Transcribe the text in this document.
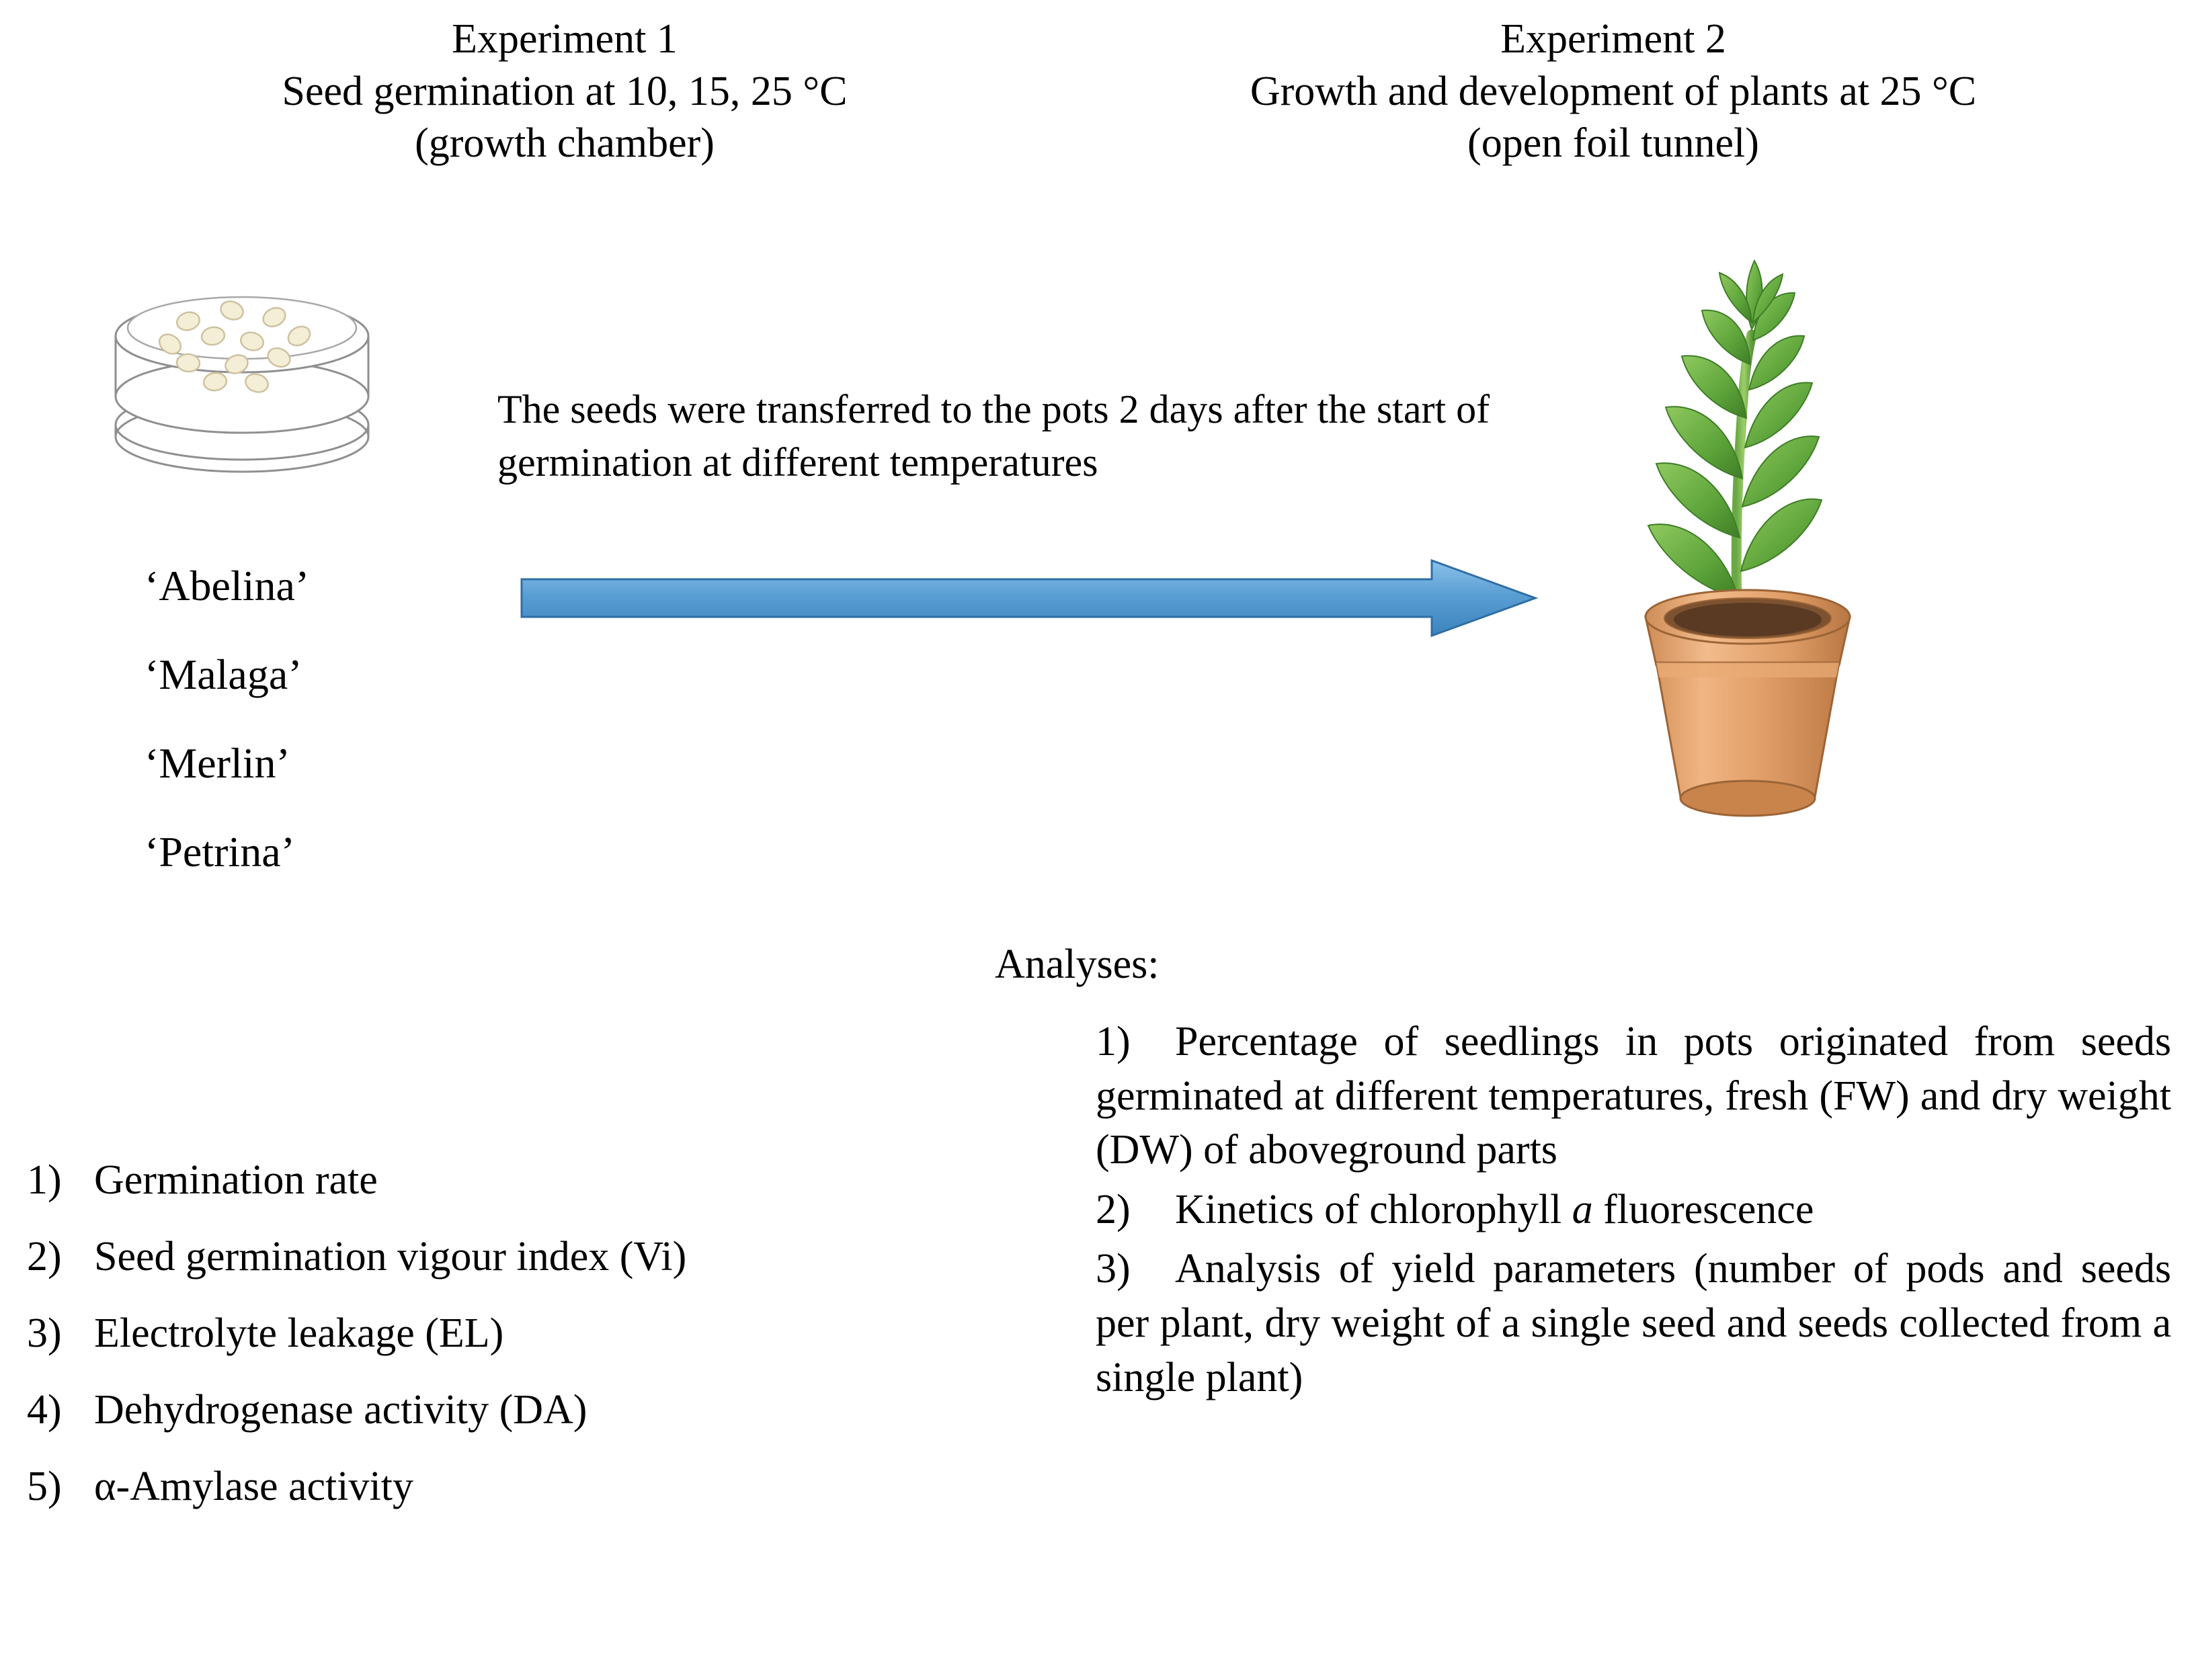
Experiment 1
Seed germination at 10, 15, 25 °C
(growth chamber)
Experiment 2
Growth and development of plants at 25 °C
(open foil tunnel)
The seeds were transferred to the pots 2 days after the start of germination at different temperatures
‘Abelina’
‘Malaga’
‘Merlin’
‘Petrina’
Analyses:
1) Germination rate
2) Seed germination vigour index (Vi)
3) Electrolyte leakage (EL)
4) Dehydrogenase activity (DA)
5) α-Amylase activity
1) Percentage of seedlings in pots originated from seeds germinated at different temperatures, fresh (FW) and dry weight (DW) of aboveground parts
2) Kinetics of chlorophyll a fluorescence
3) Analysis of yield parameters (number of pods and seeds per plant, dry weight of a single seed and seeds collected from a single plant)
